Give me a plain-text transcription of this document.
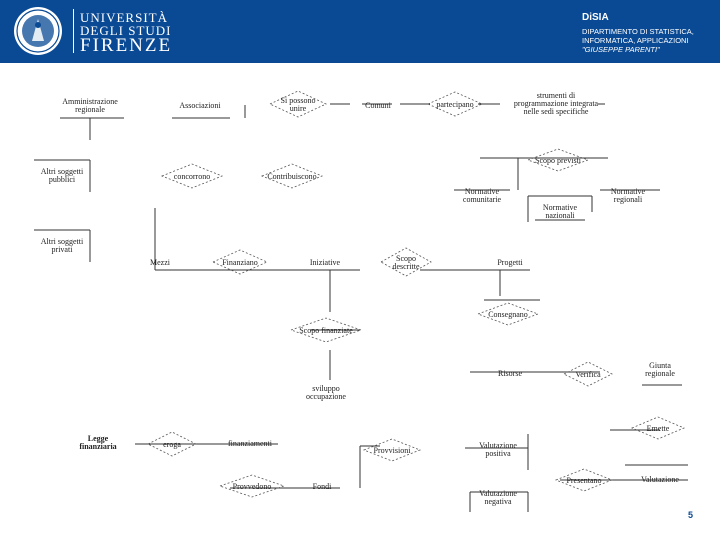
UNIVERSITÀ
DEGLI STUDI
FIRENZE
DiSIA
DIPARTIMENTO DI STATISTICA,
INFORMATICA, APPLICAZIONI
"GIUSEPPE PARENTI"
Si possono
unire	partecipano
concorrono	Contribuiscono
Scopo previsti
Finanziano	Scopo
descritte
Consegnano
Scopo finanziate
Verifica
Emette
eroga
Provvisioni
Provvedono
Presentano
Amministrazione
regionale	Associazioni	Comuni
strumenti di
programmazione integrata
nelle sedi specifiche
Altri soggetti
pubblici
Altri soggetti
privati
Normative
comunitarie
Normative
regionali
Normative
nazionali
Mezzi	Iniziative	Progetti
Risorse
Giunta
regionale
sviluppo
occupazione
Legge
finanziaria	finanziamenti	Valutazione
positiva
Fondi
Valutazione
Valutazione
negativa
5
